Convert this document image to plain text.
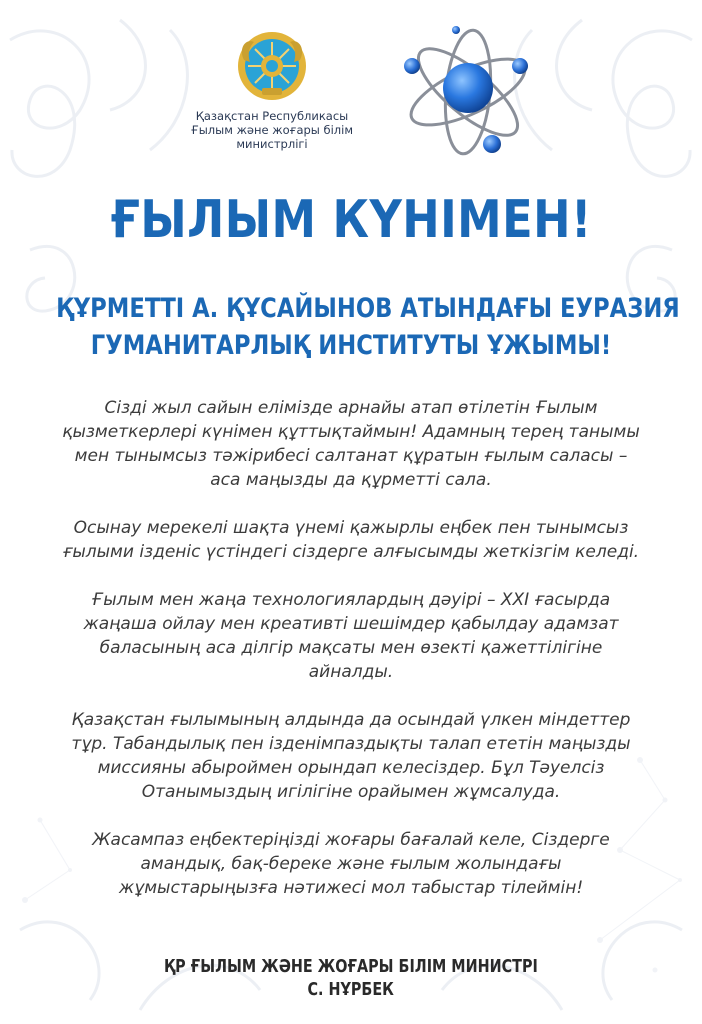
Қазақстан Республикасы
Ғылым және жоғары білім
министрлігі
ҒЫЛЫМ КҮНІМЕН!
ҚҰРМЕТТІ А. ҚҰСАЙЫНОВ АТЫНДАҒЫ ЕУРАЗИЯ
ГУМАНИТАРЛЫҚ ИНСТИТУТЫ ҰЖЫМЫ!

Сізді жыл сайын елімізде арнайы атап өтілетін Ғылым
қызметкерлері күнімен құттықтаймын! Адамның терең танымы
мен тынымсыз тәжірибесі салтанат құратын ғылым саласы –
аса маңызды да құрметті сала.

Осынау мерекелі шақта үнемі қажырлы еңбек пен тынымсыз
ғылыми ізденіс үстіндегі сіздерге алғысымды жеткізгім келеді.

Ғылым мен жаңа технологиялардың дәуірі – XXI ғасырда
жаңаша ойлау мен креативті шешімдер қабылдау адамзат
баласының аса ділгір мақсаты мен өзекті қажеттілігіне
айналды.

Қазақстан ғылымының алдында да осындай үлкен міндеттер
тұр. Табандылық пен ізденімпаздықты талап ететін маңызды
миссияны абыроймен орындап келесіздер. Бұл Тәуелсіз
Отанымыздың игілігіне орайымен жұмсалуда.

Жасампаз еңбектеріңізді жоғары бағалай келе, Сіздерге
амандық, бақ-береке және ғылым жолындағы
жұмыстарыңызға нәтижесі мол табыстар тілеймін!

ҚР ҒЫЛЫМ ЖӘНЕ ЖОҒАРЫ БІЛІМ МИНИСТРІ
С. НҰРБЕК
